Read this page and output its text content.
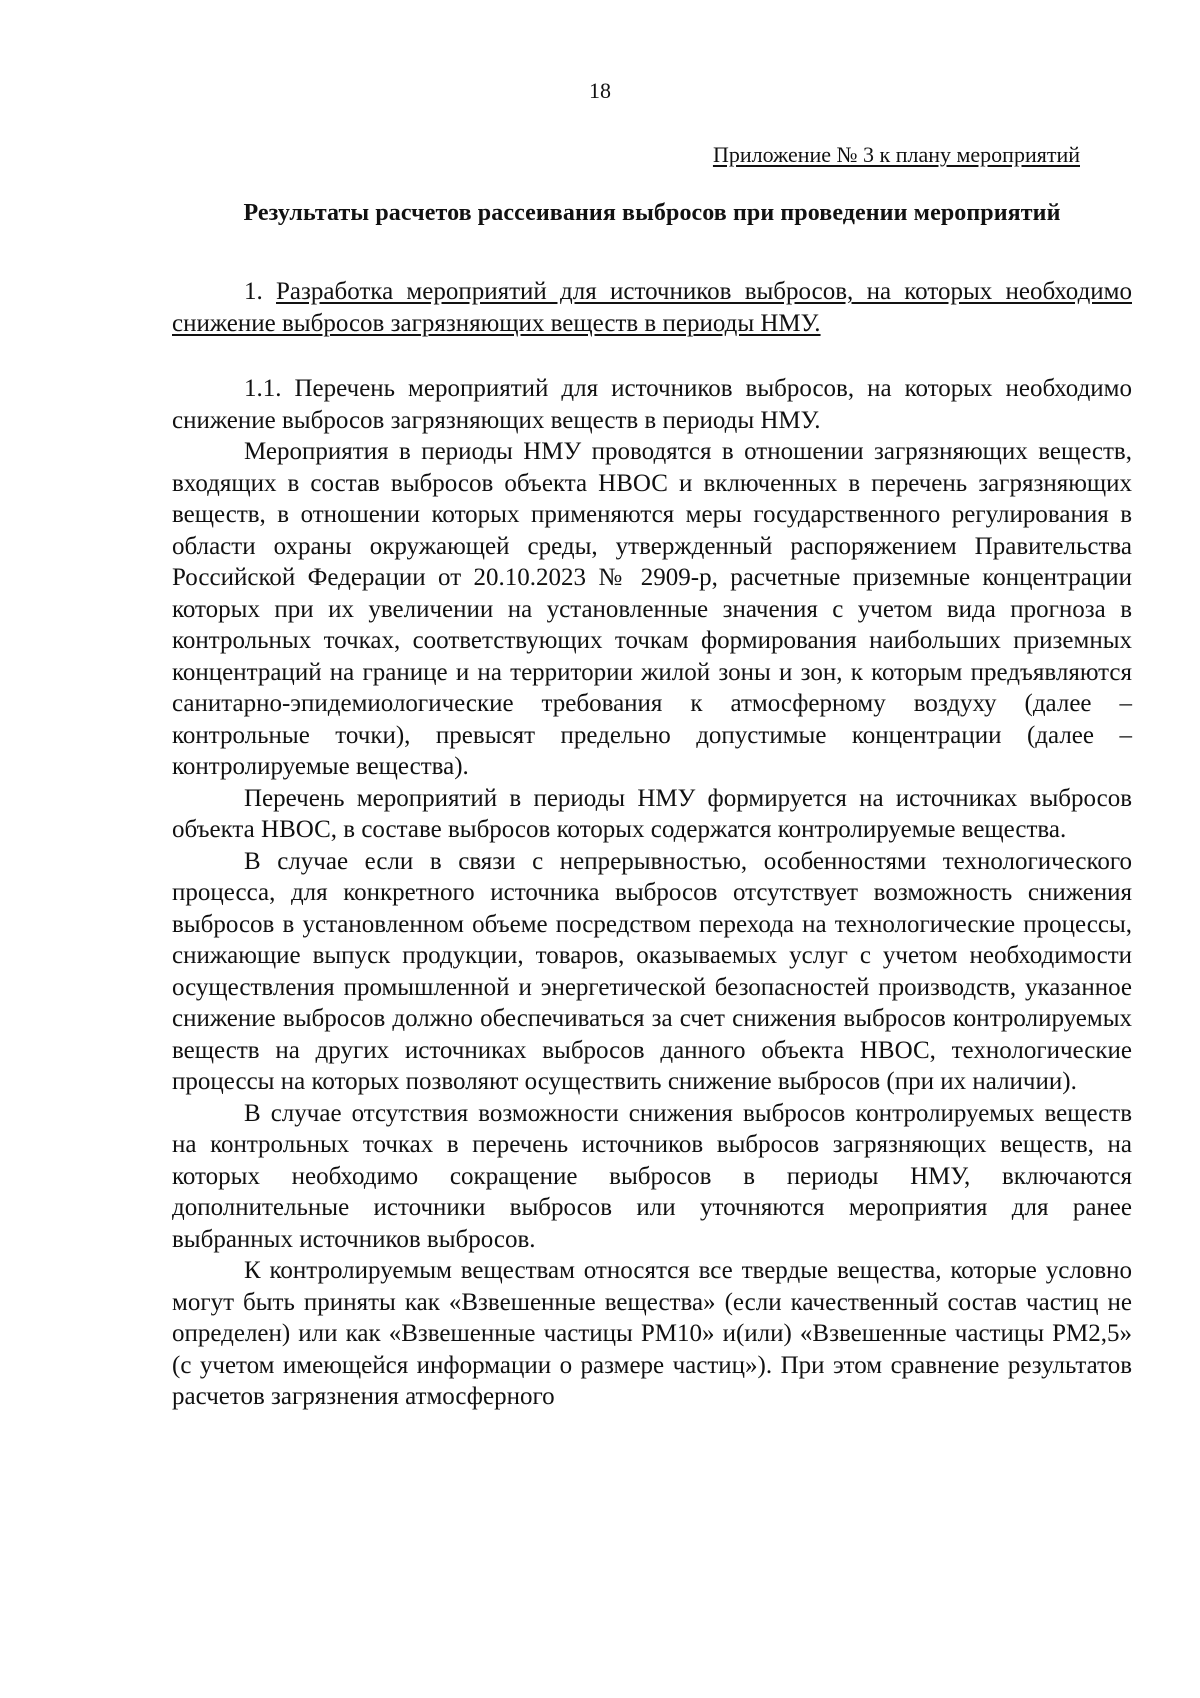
18
Приложение № 3 к плану мероприятий
Результаты расчетов рассеивания выбросов при проведении мероприятий

1. Разработка мероприятий для источников выбросов, на которых необходимо снижение выбросов загрязняющих веществ в периоды НМУ.

1.1. Перечень мероприятий для источников выбросов, на которых необходимо снижение выбросов загрязняющих веществ в периоды НМУ.

Мероприятия в периоды НМУ проводятся в отношении загрязняющих веществ, входящих в состав выбросов объекта НВОС и включенных в перечень загрязняющих веществ, в отношении которых применяются меры государственного регулирования в области охраны окружающей среды, утвержденный распоряжением Правительства Российской Федерации от 20.10.2023 № 2909-р, расчетные приземные концентрации которых при их увеличении на установленные значения с учетом вида прогноза в контрольных точках, соответствующих точкам формирования наибольших приземных концентраций на границе и на территории жилой зоны и зон, к которым предъявляются санитарно-эпидемиологические требования к атмосферному воздуху (далее – контрольные точки), превысят предельно допустимые концентрации (далее – контролируемые вещества).

Перечень мероприятий в периоды НМУ формируется на источниках выбросов объекта НВОС, в составе выбросов которых содержатся контролируемые вещества.

В случае если в связи с непрерывностью, особенностями технологического процесса, для конкретного источника выбросов отсутствует возможность снижения выбросов в установленном объеме посредством перехода на технологические процессы, снижающие выпуск продукции, товаров, оказываемых услуг с учетом необходимости осуществления промышленной и энергетической безопасностей производств, указанное снижение выбросов должно обеспечиваться за счет снижения выбросов контролируемых веществ на других источниках выбросов данного объекта НВОС, технологические процессы на которых позволяют осуществить снижение выбросов (при их наличии).

В случае отсутствия возможности снижения выбросов контролируемых веществ на контрольных точках в перечень источников выбросов загрязняющих веществ, на которых необходимо сокращение выбросов в периоды НМУ, включаются дополнительные источники выбросов или уточняются мероприятия для ранее выбранных источников выбросов.

К контролируемым веществам относятся все твердые вещества, которые условно могут быть приняты как «Взвешенные вещества» (если качественный состав частиц не определен) или как «Взвешенные частицы PM10» и(или) «Взвешенные частицы PM2,5» (с учетом имеющейся информации о размере частиц»). При этом сравнение результатов расчетов загрязнения атмосферного
